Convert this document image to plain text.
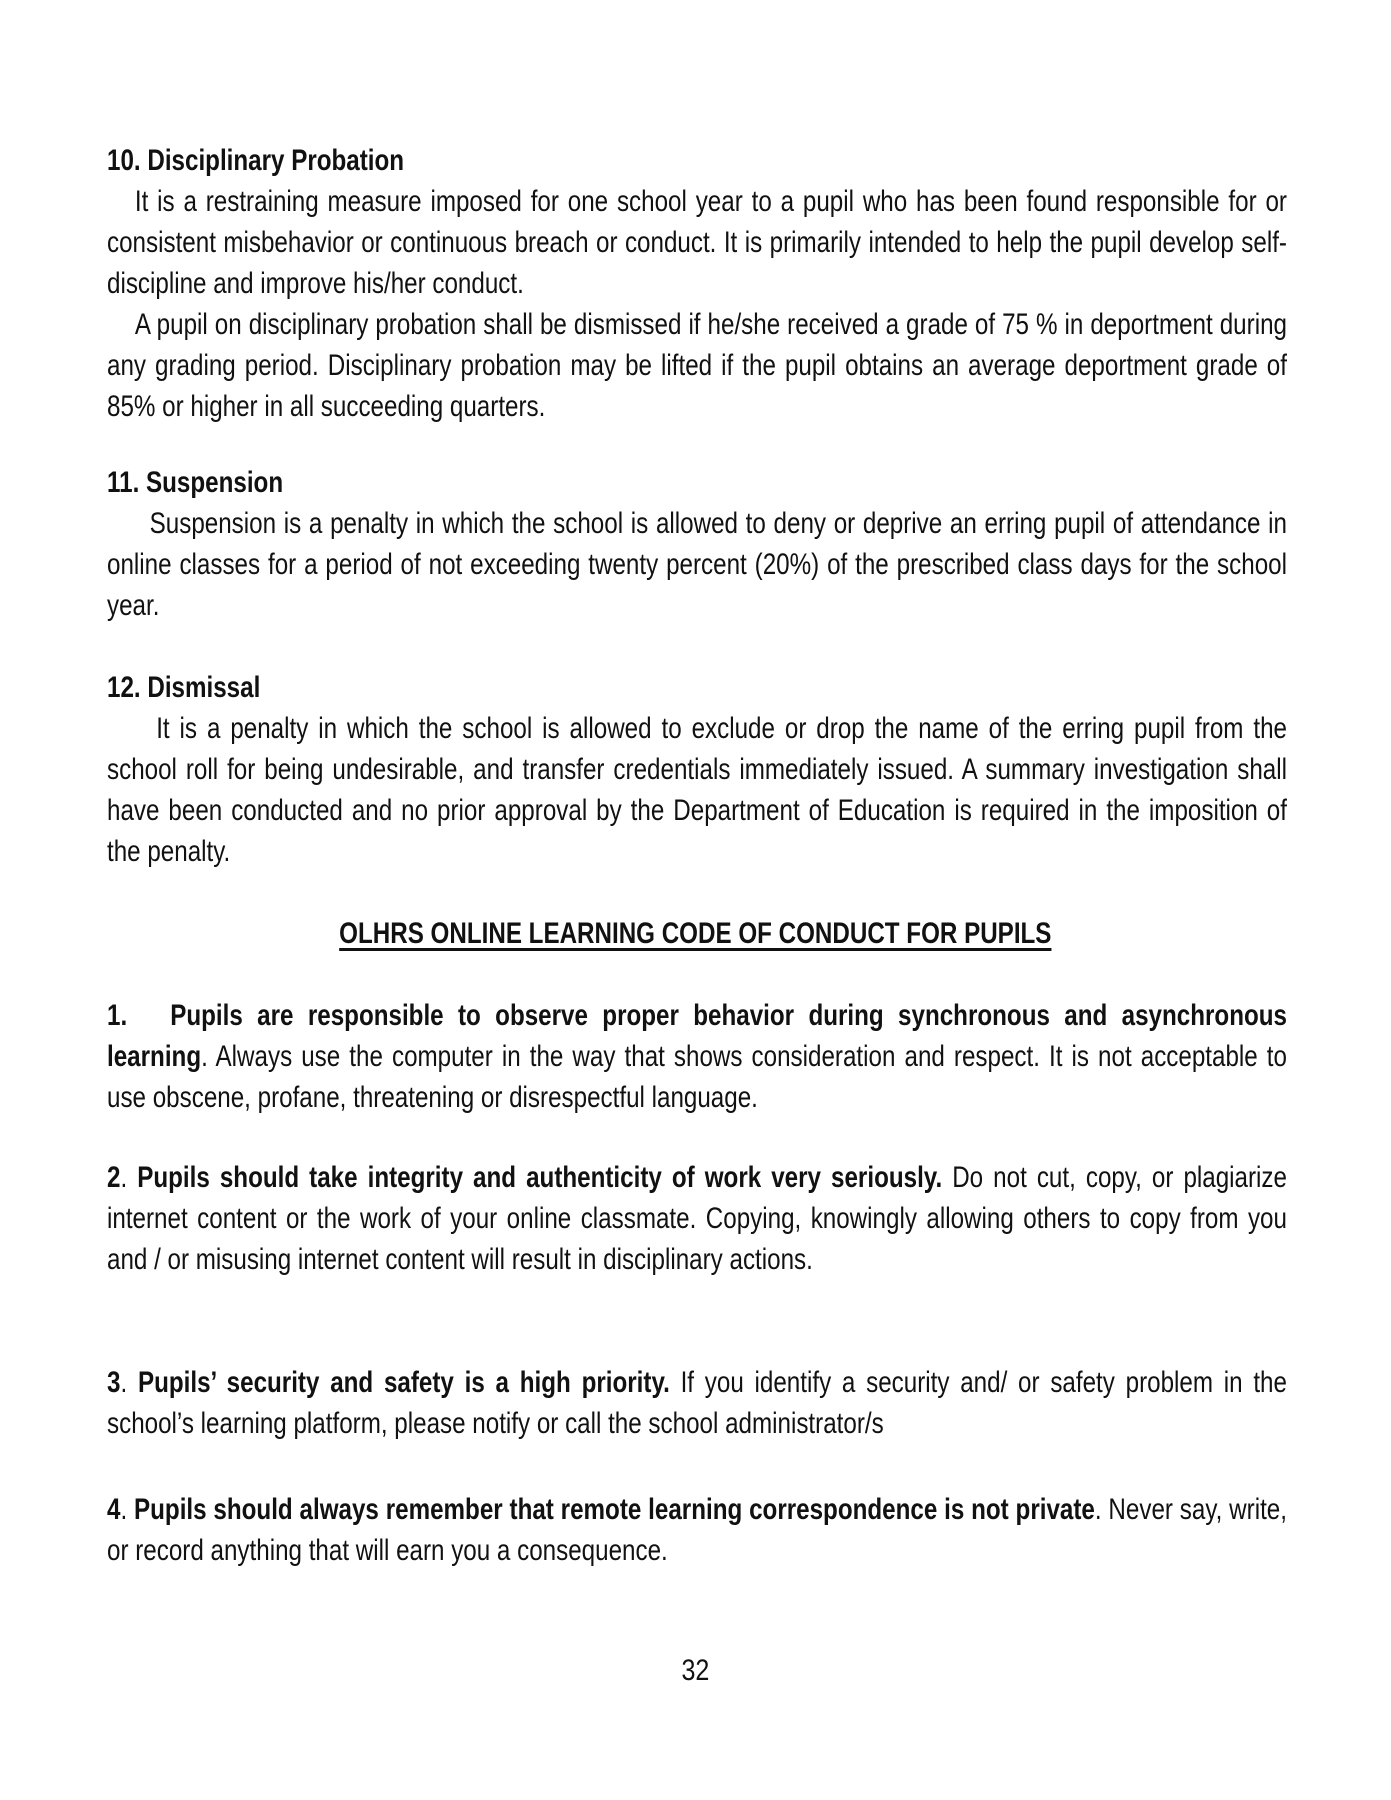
10. Disciplinary Probation

It is a restraining measure imposed for one school year to a pupil who has been found responsible for or consistent misbehavior or continuous breach or conduct. It is primarily intended to help the pupil develop self-discipline and improve his/her conduct.

A pupil on disciplinary probation shall be dismissed if he/she received a grade of 75 % in deportment during any grading period. Disciplinary probation may be lifted if the pupil obtains an average deportment grade of 85% or higher in all succeeding quarters.

11. Suspension

Suspension is a penalty in which the school is allowed to deny or deprive an erring pupil of attendance in online classes for a period of not exceeding twenty percent (20%) of the prescribed class days for the school year.

12. Dismissal

It is a penalty in which the school is allowed to exclude or drop the name of the erring pupil from the school roll for being undesirable, and transfer credentials immediately issued. A summary investigation shall have been conducted and no prior approval by the Department of Education is required in the imposition of the penalty.

OLHRS ONLINE LEARNING CODE OF CONDUCT FOR PUPILS

1. Pupils are responsible to observe proper behavior during synchronous and asynchronous learning. Always use the computer in the way that shows consideration and respect. It is not acceptable to use obscene, profane, threatening or disrespectful language.

2. Pupils should take integrity and authenticity of work very seriously. Do not cut, copy, or plagiarize internet content or the work of your online classmate. Copying, knowingly allowing others to copy from you and / or misusing internet content will result in disciplinary actions.

3. Pupils’ security and safety is a high priority. If you identify a security and/ or safety problem in the school’s learning platform, please notify or call the school administrator/s

4. Pupils should always remember that remote learning correspondence is not private. Never say, write, or record anything that will earn you a consequence.

32
